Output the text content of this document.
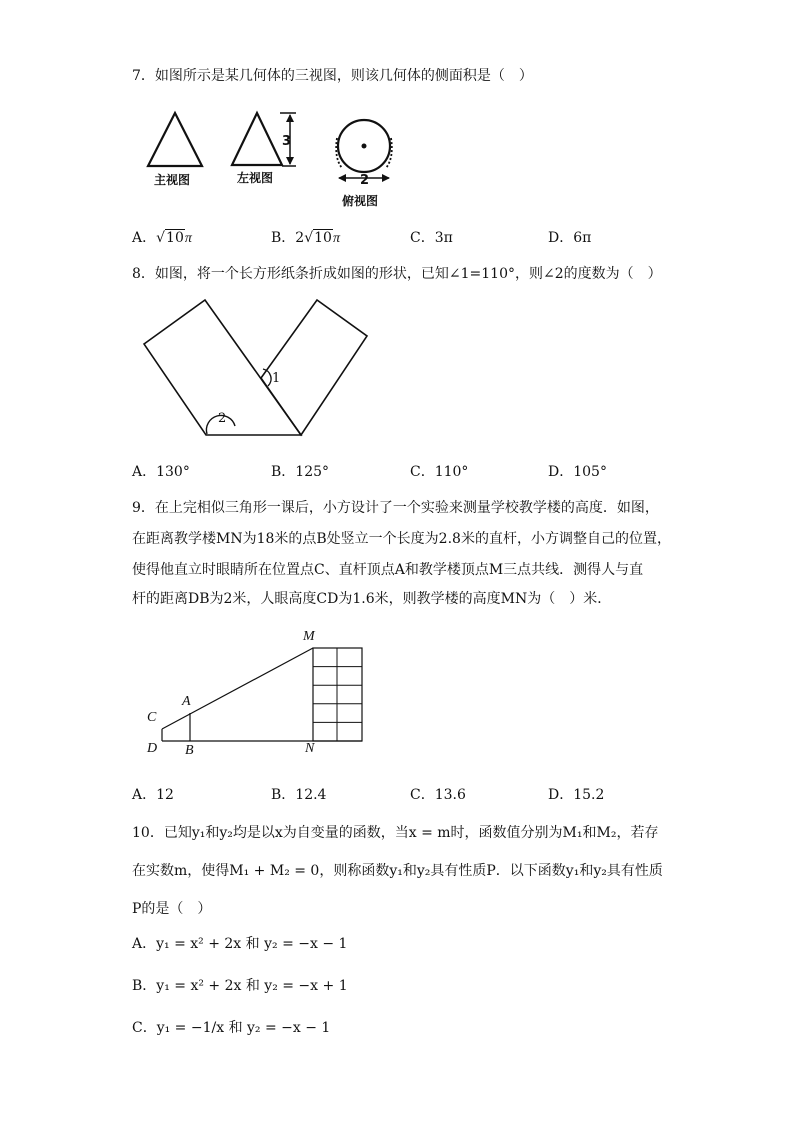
7．如图所示是某几何体的三视图，则该几何体的侧面积是（　）
主视图	左视图
3
2
俯视图
A．√10π	B．2√10π	C．3π	D．6π
8．如图，将一个长方形纸条折成如图的形状，已知∠1=110°，则∠2的度数为（　）
1
2
A．130°	B．125°	C．110°	D．105°
9．在上完相似三角形一课后，小方设计了一个实验来测量学校教学楼的高度．如图，
在距离教学楼MN为18米的点B处竖立一个长度为2.8米的直杆，小方调整自己的位置，
使得他直立时眼睛所在位置点C、直杆顶点A和教学楼顶点M三点共线．测得人与直
杆的距离DB为2米，人眼高度CD为1.6米，则教学楼的高度MN为（　）米．
M
A
C
D B	N
A．12	B．12.4	C．13.6	D．15.2
10．已知y₁和y₂均是以x为自变量的函数，当x = m时，函数值分别为M₁和M₂，若存
在实数m，使得M₁ + M₂ = 0，则称函数y₁和y₂具有性质P．以下函数y₁和y₂具有性质
P的是（　）
A．y₁ = x² + 2x 和 y₂ = −x − 1
B．y₁ = x² + 2x 和 y₂ = −x + 1
C．y₁ = −1/x 和 y₂ = −x − 1
